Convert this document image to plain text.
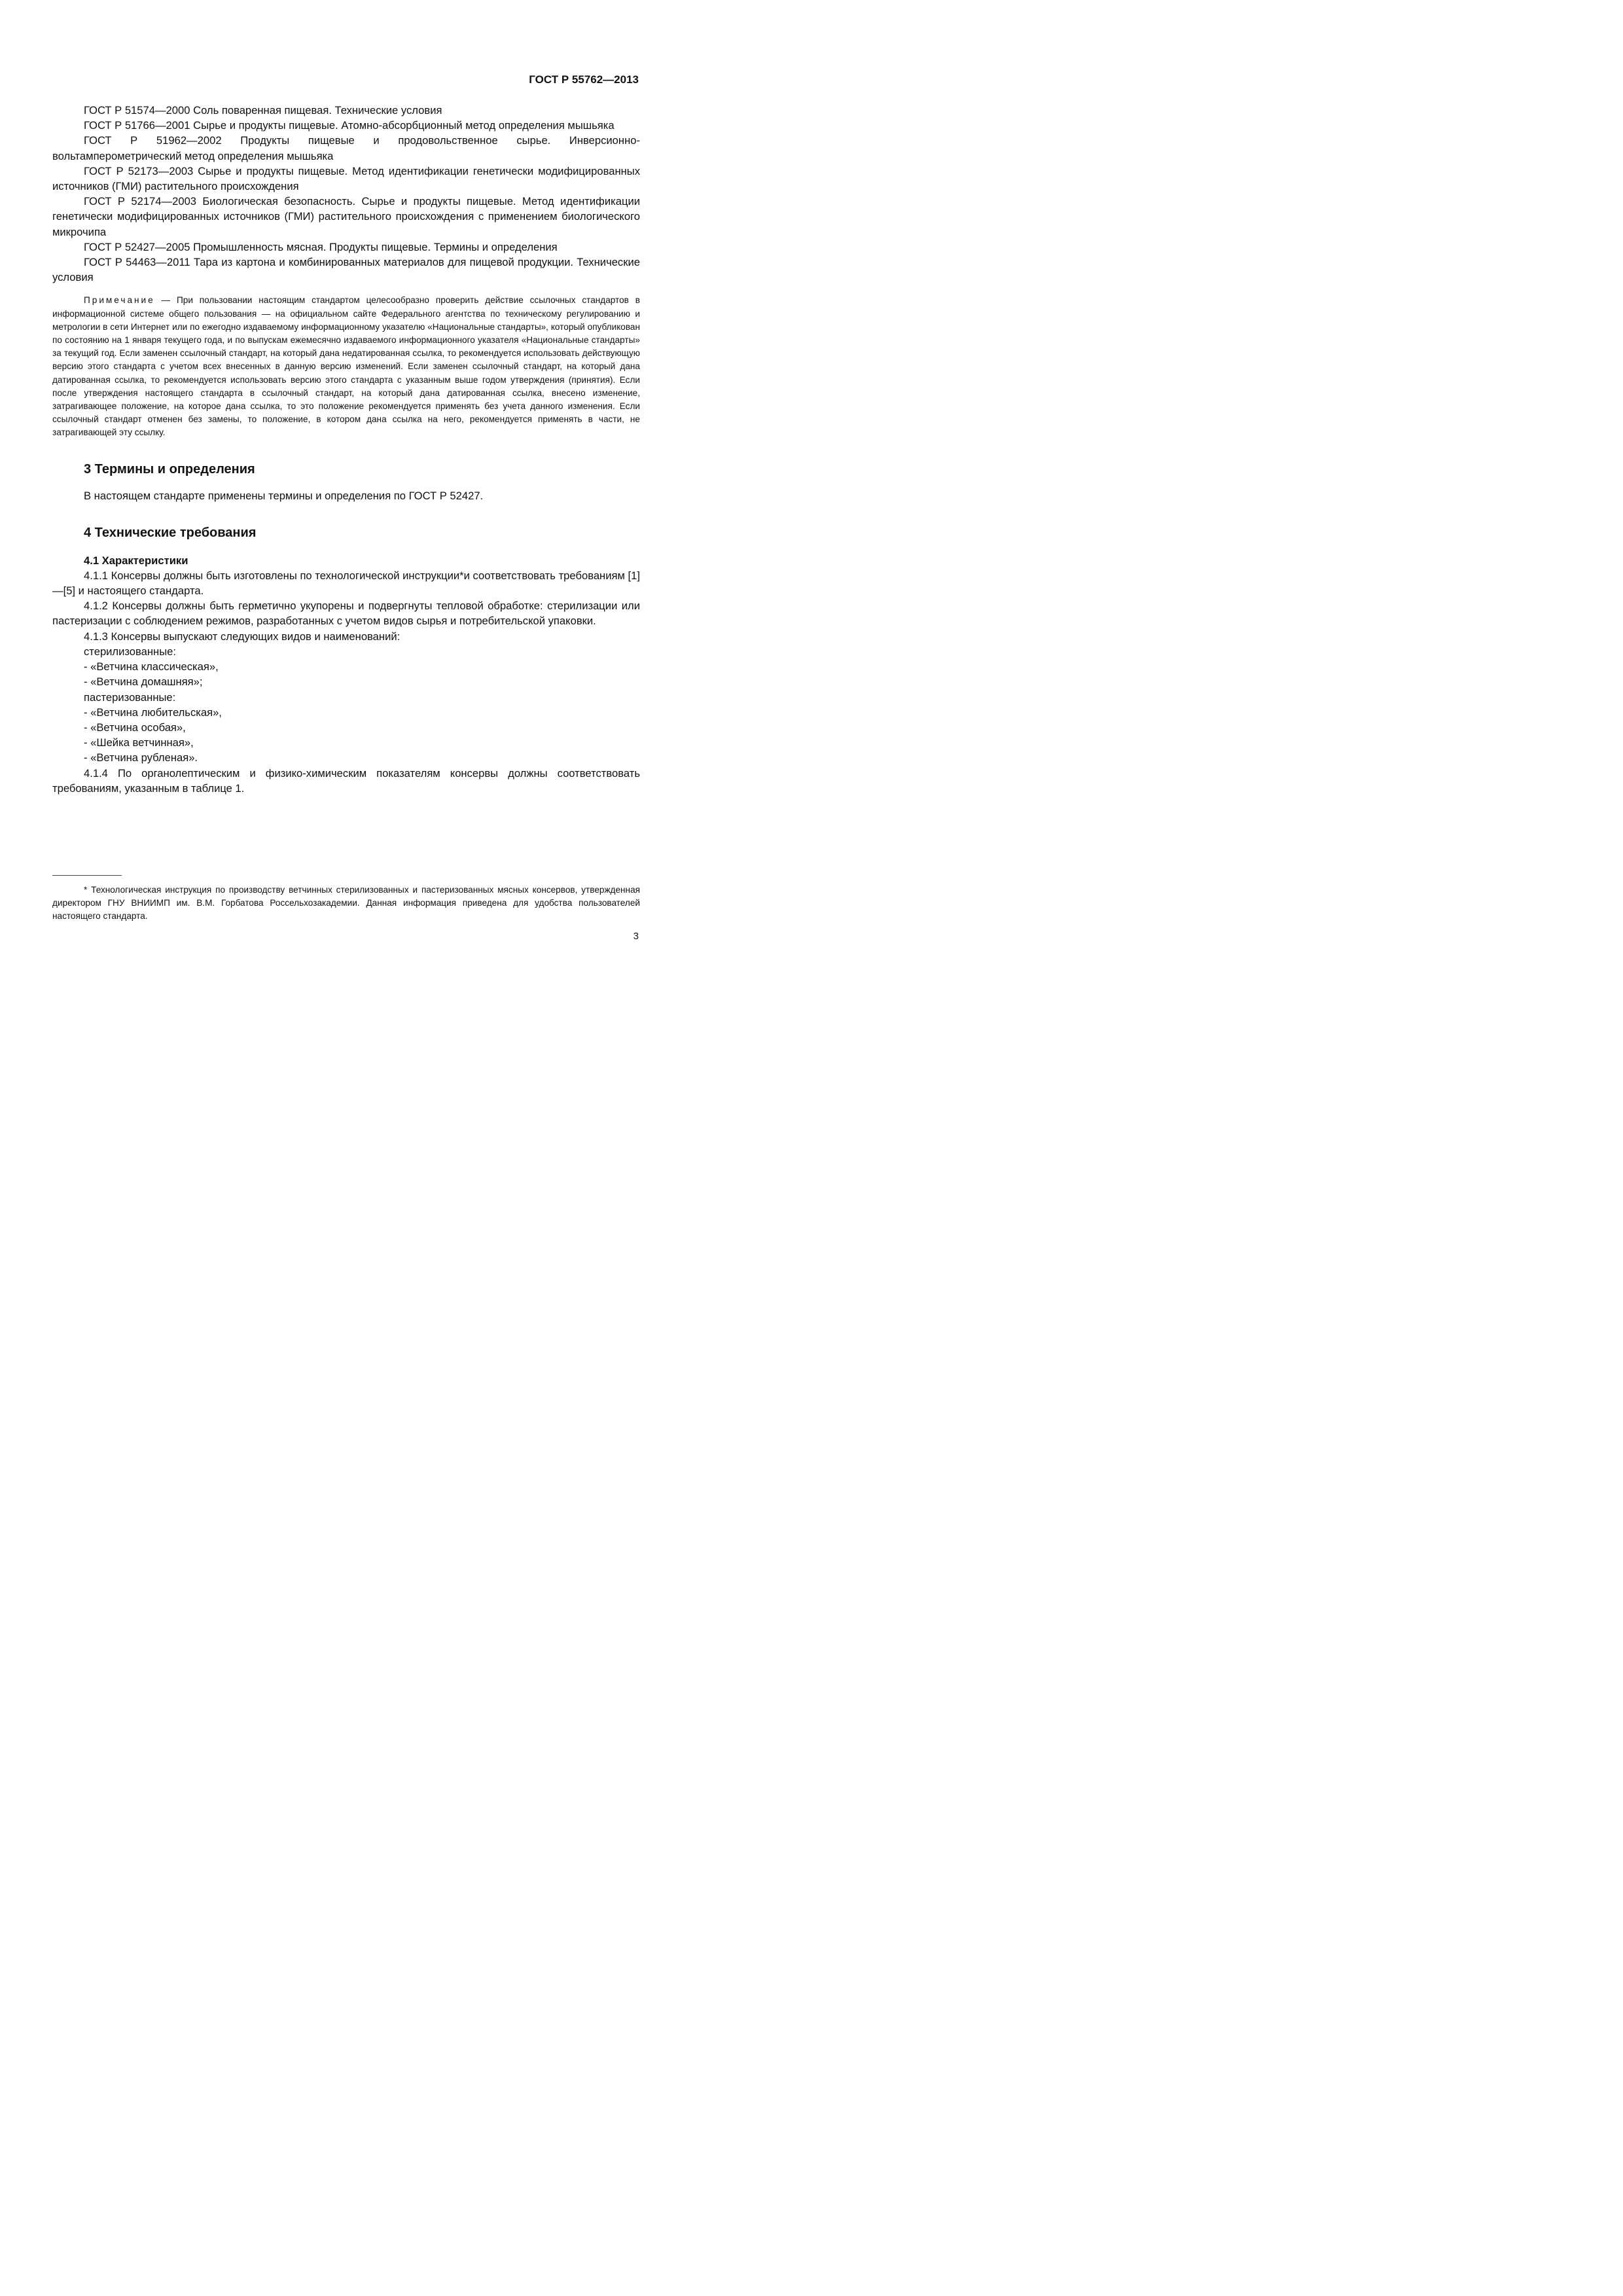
ГОСТ Р 55762—2013

ГОСТ Р 51574—2000 Соль поваренная пищевая. Технические условия

ГОСТ Р 51766—2001 Сырье и продукты пищевые. Атомно-абсорбционный метод определения мышьяка

ГОСТ Р 51962—2002 Продукты пищевые и продовольственное сырье. Инверсионно-вольтамперометрический метод определения мышьяка

ГОСТ Р 52173—2003 Сырье и продукты пищевые. Метод идентификации генетически модифицированных источников (ГМИ) растительного происхождения

ГОСТ Р 52174—2003 Биологическая безопасность. Сырье и продукты пищевые. Метод идентификации генетически модифицированных источников (ГМИ) растительного происхождения с применением биологического микрочипа

ГОСТ Р 52427—2005 Промышленность мясная. Продукты пищевые. Термины и определения

ГОСТ Р 54463—2011 Тара из картона и комбинированных материалов для пищевой продукции. Технические условия

Примечание — При пользовании настоящим стандартом целесообразно проверить действие ссылочных стандартов в информационной системе общего пользования — на официальном сайте Федерального агентства по техническому регулированию и метрологии в сети Интернет или по ежегодно издаваемому информационному указателю «Национальные стандарты», который опубликован по состоянию на 1 января текущего года, и по выпускам ежемесячно издаваемого информационного указателя «Национальные стандарты» за текущий год. Если заменен ссылочный стандарт, на который дана недатированная ссылка, то рекомендуется использовать действующую версию этого стандарта с учетом всех внесенных в данную версию изменений. Если заменен ссылочный стандарт, на который дана датированная ссылка, то рекомендуется использовать версию этого стандарта с указанным выше годом утверждения (принятия). Если после утверждения настоящего стандарта в ссылочный стандарт, на который дана датированная ссылка, внесено изменение, затрагивающее положение, на которое дана ссылка, то это положение рекомендуется применять без учета данного изменения. Если ссылочный стандарт отменен без замены, то положение, в котором дана ссылка на него, рекомендуется применять в части, не затрагивающей эту ссылку.

3 Термины и определения

В настоящем стандарте применены термины и определения по ГОСТ Р 52427.

4 Технические требования
4.1 Характеристики

4.1.1 Консервы должны быть изготовлены по технологической инструкции*и соответствовать требованиям [1]—[5] и настоящего стандарта.

4.1.2 Консервы должны быть герметично укупорены и подвергнуты тепловой обработке: стерилизации или пастеризации с соблюдением режимов, разработанных с учетом видов сырья и потребительской упаковки.

4.1.3 Консервы выпускают следующих видов и наименований:

стерилизованные:

- «Ветчина классическая»,

- «Ветчина домашняя»;

пастеризованные:

- «Ветчина любительская»,

- «Ветчина особая»,

- «Шейка ветчинная»,

- «Ветчина рубленая».

4.1.4 По органолептическим и физико-химическим показателям консервы должны соответствовать требованиям, указанным в таблице 1.

* Технологическая инструкция по производству ветчинных стерилизованных и пастеризованных мясных консервов, утвержденная директором ГНУ ВНИИМП им. В.М. Горбатова Россельхозакадемии. Данная информация приведена для удобства пользователей настоящего стандарта.
3
